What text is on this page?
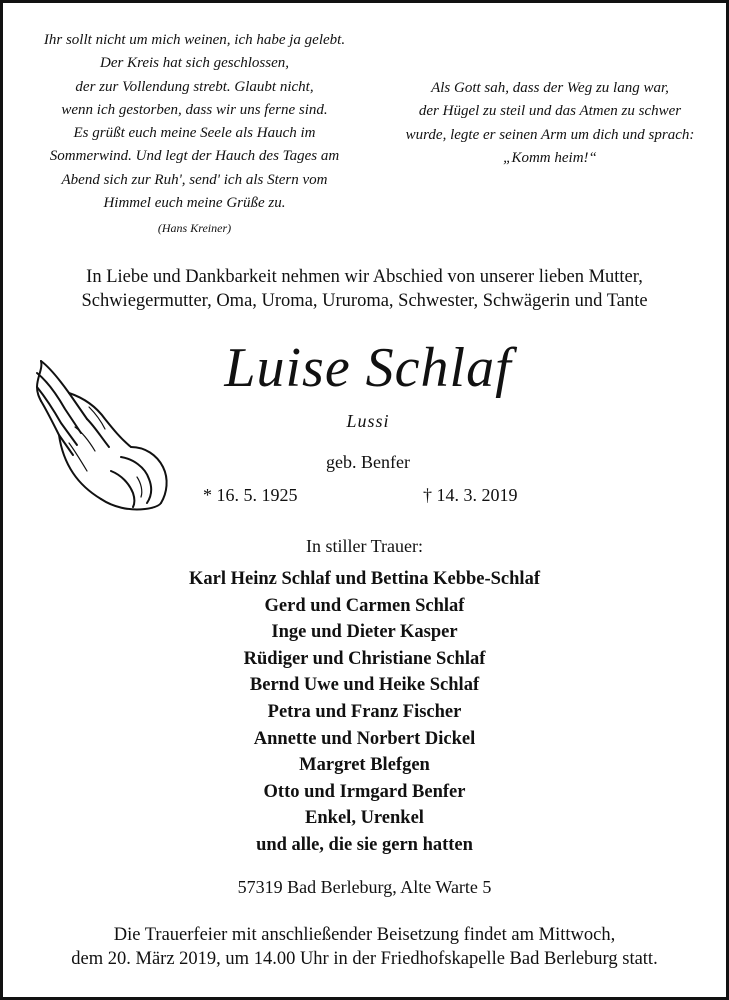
Ihr sollt nicht um mich weinen, ich habe ja gelebt.
Der Kreis hat sich geschlossen,
der zur Vollendung strebt. Glaubt nicht,
wenn ich gestorben, dass wir uns ferne sind.
Es grüßt euch meine Seele als Hauch im
Sommerwind. Und legt der Hauch des Tages am
Abend sich zur Ruh', send' ich als Stern vom
Himmel euch meine Grüße zu.
(Hans Kreiner)
Als Gott sah, dass der Weg zu lang war,
der Hügel zu steil und das Atmen zu schwer
wurde, legte er seinen Arm um dich und sprach:
„Komm heim!“
In Liebe und Dankbarkeit nehmen wir Abschied von unserer lieben Mutter,
Schwiegermutter, Oma, Uroma, Ururoma, Schwester, Schwägerin und Tante
Luise Schlaf
Lussi
geb. Benfer
* 16. 5. 1925	† 14. 3. 2019
In stiller Trauer:
Karl Heinz Schlaf und Bettina Kebbe-Schlaf
Gerd und Carmen Schlaf
Inge und Dieter Kasper
Rüdiger und Christiane Schlaf
Bernd Uwe und Heike Schlaf
Petra und Franz Fischer
Annette und Norbert Dickel
Margret Blefgen
Otto und Irmgard Benfer
Enkel, Urenkel
und alle, die sie gern hatten
57319 Bad Berleburg, Alte Warte 5
Die Trauerfeier mit anschließender Beisetzung findet am Mittwoch,
dem 20. März 2019, um 14.00 Uhr in der Friedhofskapelle Bad Berleburg statt.
